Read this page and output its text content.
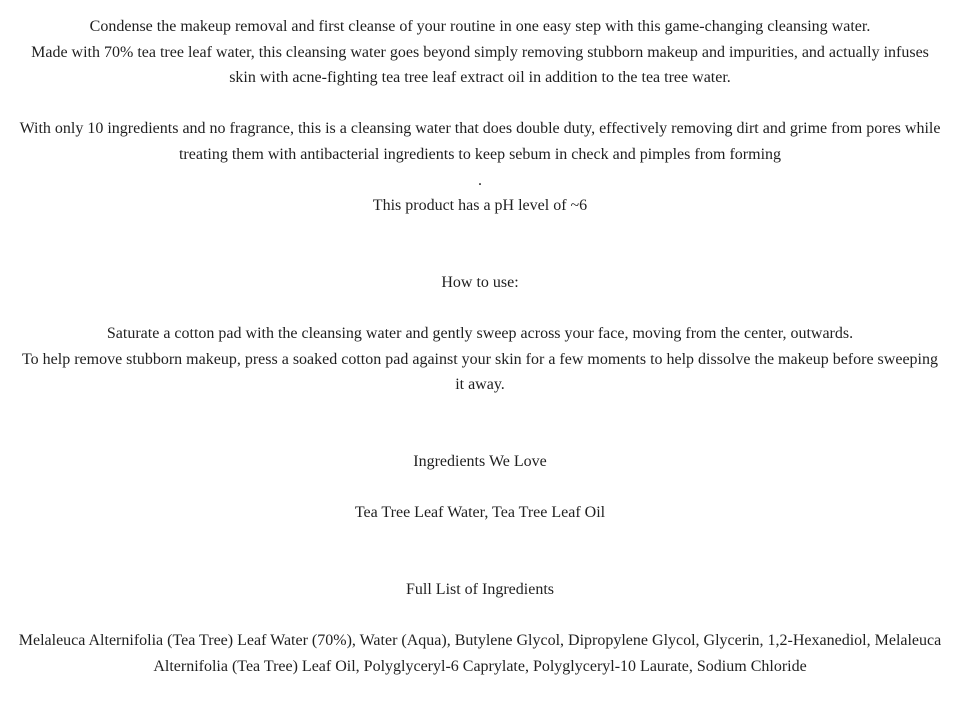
Condense the makeup removal and first cleanse of your routine in one easy step with this game-changing cleansing water.

Made with 70% tea tree leaf water, this cleansing water goes beyond simply removing stubborn makeup and impurities, and actually infuses skin with acne-fighting tea tree leaf extract oil in addition to the tea tree water.

With only 10 ingredients and no fragrance, this is a cleansing water that does double duty, effectively removing dirt and grime from pores while treating them with antibacterial ingredients to keep sebum in check and pimples from forming

.

This product has a pH level of ~6

How to use:

Saturate a cotton pad with the cleansing water and gently sweep across your face, moving from the center, outwards.

To help remove stubborn makeup, press a soaked cotton pad against your skin for a few moments to help dissolve the makeup before sweeping it away.

Ingredients We Love

Tea Tree Leaf Water, Tea Tree Leaf Oil

Full List of Ingredients

Melaleuca Alternifolia (Tea Tree) Leaf Water (70%), Water (Aqua), Butylene Glycol, Dipropylene Glycol, Glycerin, 1,2-Hexanediol, Melaleuca Alternifolia (Tea Tree) Leaf Oil, Polyglyceryl-6 Caprylate, Polyglyceryl-10 Laurate, Sodium Chloride
